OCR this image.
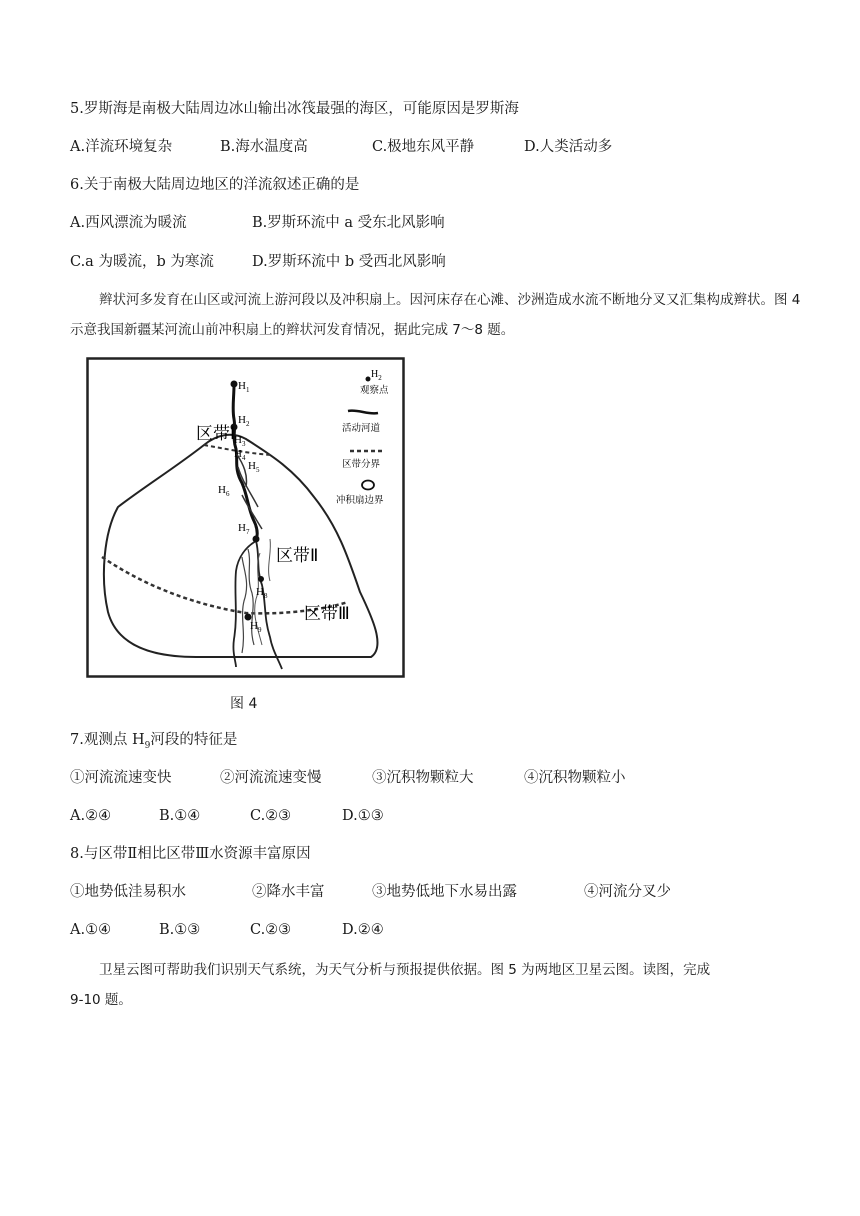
5.罗斯海是南极大陆周边冰山输出冰筏最强的海区，可能原因是罗斯海
A.洋流环境复杂	B.海水温度高	C.极地东风平静	D.人类活动多
6.关于南极大陆周边地区的洋流叙述正确的是
A.西风漂流为暖流	B.罗斯环流中 a 受东北风影响
C.a 为暖流，b 为寒流	D.罗斯环流中 b 受西北风影响
辫状河多发育在山区或河流上游河段以及冲积扇上。因河床存在心滩、沙洲造成水流不断地分叉又汇集构成辫状。图 4 示意我国新疆某河流山前冲积扇上的辫状河发育情况，据此完成 7～8 题。
$H_1$
$H_2$
$H_3$
$H_4$
$H_5$
$H_6$
$H_7$
$H_8$
$H_9$
区带Ⅰ
区带Ⅱ
区带Ⅲ
$H_2$
观察点
活动河道
区带分界
冲积扇边界
图 4
7.观测点 $H_9$河段的特征是
①河流流速变快	②河流流速变慢	③沉积物颗粒大	④沉积物颗粒小
A.②④	B.①④	C.②③	D.①③
8.与区带Ⅱ相比区带Ⅲ水资源丰富原因
①地势低洼易积水	②降水丰富	③地势低地下水易出露	④河流分叉少
A.①④	B.①③	C.②③	D.②④
卫星云图可帮助我们识别天气系统，为天气分析与预报提供依据。图 5 为两地区卫星云图。读图，完成
9-10 题。
